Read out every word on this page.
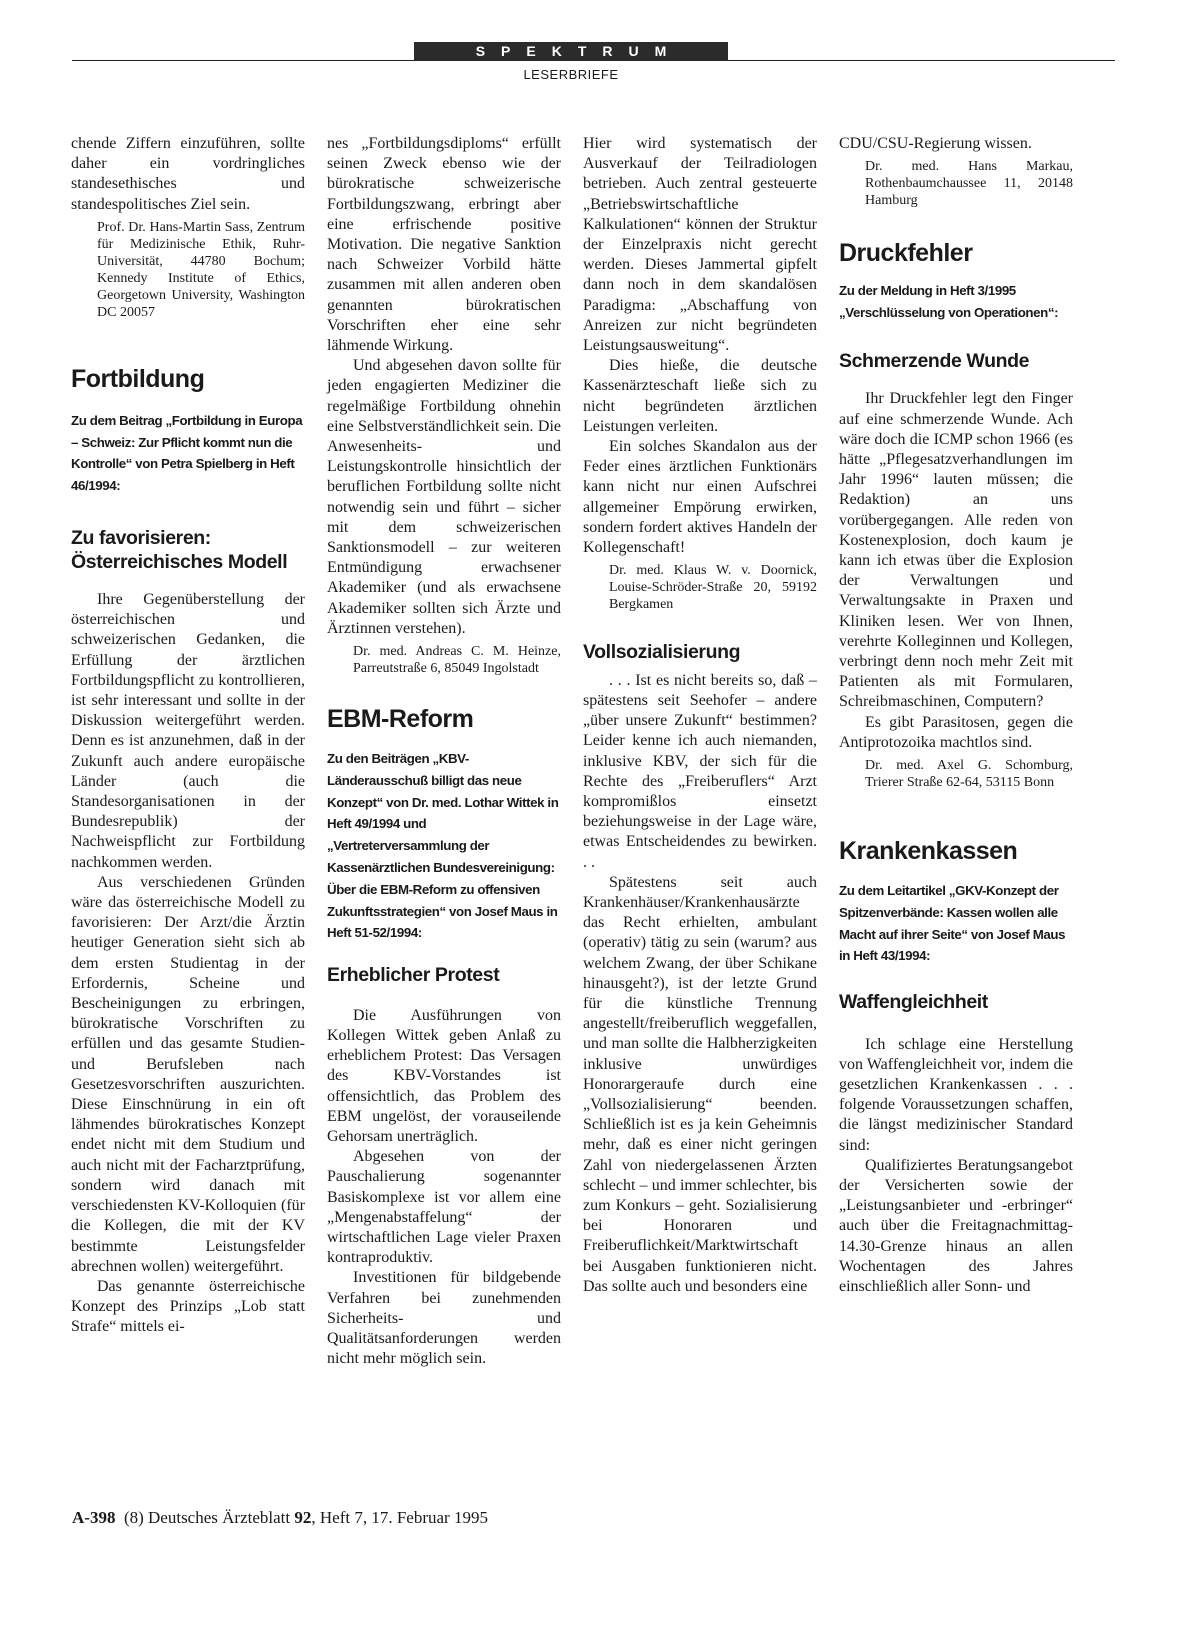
SPEKTRUM
LESERBRIEFE

chende Ziffern einzuführen, sollte daher ein vordringliches standesethisches und standespolitisches Ziel sein.

Prof. Dr. Hans-Martin Sass, Zentrum für Medizinische Ethik, Ruhr-Universität, 44780 Bochum; Kennedy Institute of Ethics, Georgetown University, Washington DC 20057

Fortbildung

Zu dem Beitrag „Fortbildung in Europa – Schweiz: Zur Pflicht kommt nun die Kontrolle“ von Petra Spielberg in Heft 46/1994:

Zu favorisieren: Österreichisches Modell

Ihre Gegenüberstellung der österreichischen und schweizerischen Gedanken, die Erfüllung der ärztlichen Fortbildungspflicht zu kontrollieren, ist sehr interessant und sollte in der Diskussion weitergeführt werden. Denn es ist anzunehmen, daß in der Zukunft auch andere europäische Länder (auch die Standesorganisationen in der Bundesrepublik) der Nachweispflicht zur Fortbildung nachkommen werden.

Aus verschiedenen Gründen wäre das österreichische Modell zu favorisieren: Der Arzt/die Ärztin heutiger Generation sieht sich ab dem ersten Studientag in der Erfordernis, Scheine und Bescheinigungen zu erbringen, bürokratische Vorschriften zu erfüllen und das gesamte Studien- und Berufsleben nach Gesetzesvorschriften auszurichten. Diese Einschnürung in ein oft lähmendes bürokratisches Konzept endet nicht mit dem Studium und auch nicht mit der Facharztprüfung, sondern wird danach mit verschiedensten KV-Kolloquien (für die Kollegen, die mit der KV bestimmte Leistungsfelder abrechnen wollen) weitergeführt.

Das genannte österreichische Konzept des Prinzips „Lob statt Strafe“ mittels ei-

nes „Fortbildungsdiploms“ erfüllt seinen Zweck ebenso wie der bürokratische schweizerische Fortbildungszwang, erbringt aber eine erfrischende positive Motivation. Die negative Sanktion nach Schweizer Vorbild hätte zusammen mit allen anderen oben genannten bürokratischen Vorschriften eher eine sehr lähmende Wirkung.

Und abgesehen davon sollte für jeden engagierten Mediziner die regelmäßige Fortbildung ohnehin eine Selbstverständlichkeit sein. Die Anwesenheits- und Leistungskontrolle hinsichtlich der beruflichen Fortbildung sollte nicht notwendig sein und führt – sicher mit dem schweizerischen Sanktionsmodell – zur weiteren Entmündigung erwachsener Akademiker (und als erwachsene Akademiker sollten sich Ärzte und Ärztinnen verstehen).

Dr. med. Andreas C. M. Heinze, Parreutstraße 6, 85049 Ingolstadt

EBM-Reform

Zu den Beiträgen „KBV-Länderausschuß billigt das neue Konzept“ von Dr. med. Lothar Wittek in Heft 49/1994 und „Vertreterversammlung der Kassenärztlichen Bundesvereinigung: Über die EBM-Reform zu offensiven Zukunftsstrategien“ von Josef Maus in Heft 51-52/1994:

Erheblicher Protest

Die Ausführungen von Kollegen Wittek geben Anlaß zu erheblichem Protest: Das Versagen des KBV-Vorstandes ist offensichtlich, das Problem des EBM ungelöst, der vorauseilende Gehorsam unerträglich.

Abgesehen von der Pauschalierung sogenannter Basiskomplexe ist vor allem eine „Mengenabstaffelung“ der wirtschaftlichen Lage vieler Praxen kontraproduktiv.

Investitionen für bildgebende Verfahren bei zunehmenden Sicherheits- und Qualitätsanforderungen werden nicht mehr möglich sein.

Hier wird systematisch der Ausverkauf der Teilradiologen betrieben. Auch zentral gesteuerte „Betriebswirtschaftliche Kalkulationen“ können der Struktur der Einzelpraxis nicht gerecht werden. Dieses Jammertal gipfelt dann noch in dem skandalösen Paradigma: „Abschaffung von Anreizen zur nicht begründeten Leistungsausweitung“.

Dies hieße, die deutsche Kassenärzteschaft ließe sich zu nicht begründeten ärztlichen Leistungen verleiten.

Ein solches Skandalon aus der Feder eines ärztlichen Funktionärs kann nicht nur einen Aufschrei allgemeiner Empörung erwirken, sondern fordert aktives Handeln der Kollegenschaft!

Dr. med. Klaus W. v. Doornick, Louise-Schröder-Straße 20, 59192 Bergkamen

Vollsozialisierung

. . . Ist es nicht bereits so, daß – spätestens seit Seehofer – andere „über unsere Zukunft“ bestimmen? Leider kenne ich auch niemanden, inklusive KBV, der sich für die Rechte des „Freiberuflers“ Arzt kompromißlos einsetzt beziehungsweise in der Lage wäre, etwas Entscheidendes zu bewirken. . .

Spätestens seit auch Krankenhäuser/Krankenhausärzte das Recht erhielten, ambulant (operativ) tätig zu sein (warum? aus welchem Zwang, der über Schikane hinausgeht?), ist der letzte Grund für die künstliche Trennung angestellt/freiberuflich weggefallen, und man sollte die Halbherzigkeiten inklusive unwürdiges Honorargeraufe durch eine „Vollsozialisierung“ beenden. Schließlich ist es ja kein Geheimnis mehr, daß es einer nicht geringen Zahl von niedergelassenen Ärzten schlecht – und immer schlechter, bis zum Konkurs – geht. Sozialisierung bei Honoraren und Freiberuflichkeit/Marktwirtschaft bei Ausgaben funktionieren nicht. Das sollte auch und besonders eine

CDU/CSU-Regierung wissen.

Dr. med. Hans Markau, Rothenbaumchaussee 11, 20148 Hamburg

Druckfehler

Zu der Meldung in Heft 3/1995 „Verschlüsselung von Operationen“:

Schmerzende Wunde

Ihr Druckfehler legt den Finger auf eine schmerzende Wunde. Ach wäre doch die ICMP schon 1966 (es hätte „Pflegesatzverhandlungen im Jahr 1996“ lauten müssen; die Redaktion) an uns vorübergegangen. Alle reden von Kostenexplosion, doch kaum je kann ich etwas über die Explosion der Verwaltungen und Verwaltungsakte in Praxen und Kliniken lesen. Wer von Ihnen, verehrte Kolleginnen und Kollegen, verbringt denn noch mehr Zeit mit Patienten als mit Formularen, Schreibmaschinen, Computern?

Es gibt Parasitosen, gegen die Antiprotozoika machtlos sind.

Dr. med. Axel G. Schomburg, Trierer Straße 62-64, 53115 Bonn

Krankenkassen

Zu dem Leitartikel „GKV-Konzept der Spitzenverbände: Kassen wollen alle Macht auf ihrer Seite“ von Josef Maus in Heft 43/1994:

Waffengleichheit

Ich schlage eine Herstellung von Waffengleichheit vor, indem die gesetzlichen Krankenkassen . . . folgende Voraussetzungen schaffen, die längst medizinischer Standard sind:

Qualifiziertes Beratungsangebot der Versicherten sowie der „Leistungsanbieter und -erbringer“ auch über die Freitagnachmittag-14.30-Grenze hinaus an allen Wochentagen des Jahres einschließlich aller Sonn- und

A-398 (8) Deutsches Ärzteblatt 92, Heft 7, 17. Februar 1995
